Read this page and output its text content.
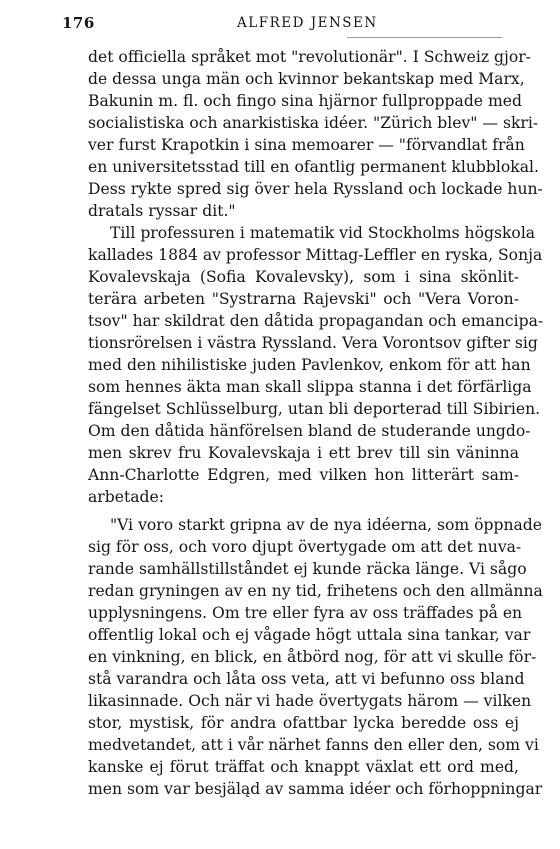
176	ALFRED JENSEN
det officiella språket mot "revolutionär". I Schweiz gjor-
de dessa unga män och kvinnor bekantskap med Marx,
Bakunin m. fl. och fingo sina hjärnor fullproppade med
socialistiska och anarkistiska idéer. "Zürich blev" — skri-
ver furst Krapotkin i sina memoarer — "förvandlat från
en universitetsstad till en ofantlig permanent klubblokal.
Dess rykte spred sig över hela Ryssland och lockade hun-
dratals ryssar dit."
Till professuren i matematik vid Stockholms högskola
kallades 1884 av professor Mittag-Leffler en ryska, Sonja
Kovalevskaja (Sofia Kovalevsky), som i sina skönlit-
terära arbeten "Systrarna Rajevski" och "Vera Voron-
tsov" har skildrat den dåtida propagandan och emancipa-
tionsrörelsen i västra Ryssland. Vera Vorontsov gifter sig
med den nihilistiske juden Pavlenkov, enkom för att han
som hennes äkta man skall slippa stanna i det förfärliga
fängelset Schlüsselburg, utan bli deporterad till Sibirien.
Om den dåtida hänförelsen bland de studerande ungdo-
men skrev fru Kovalevskaja i ett brev till sin väninna
Ann-Charlotte Edgren, med vilken hon litterärt sam-
arbetade:
"Vi voro starkt gripna av de nya idéerna, som öppnade
sig för oss, och voro djupt övertygade om att det nuva-
rande samhällstillståndet ej kunde räcka länge. Vi sågo
redan gryningen av en ny tid, frihetens och den allmänna
upplysningens. Om tre eller fyra av oss träffades på en
offentlig lokal och ej vågade högt uttala sina tankar, var
en vinkning, en blick, en åtbörd nog, för att vi skulle för-
stå varandra och låta oss veta, att vi befunno oss bland
likasinnade. Och när vi hade övertygats härom — vilken
stor, mystisk, för andra ofattbar lycka beredde oss ej
medvetandet, att i vår närhet fanns den eller den, som vi
kanske ej förut träffat och knappt växlat ett ord med,
men som var besjäląd av samma idéer och förhoppningar
